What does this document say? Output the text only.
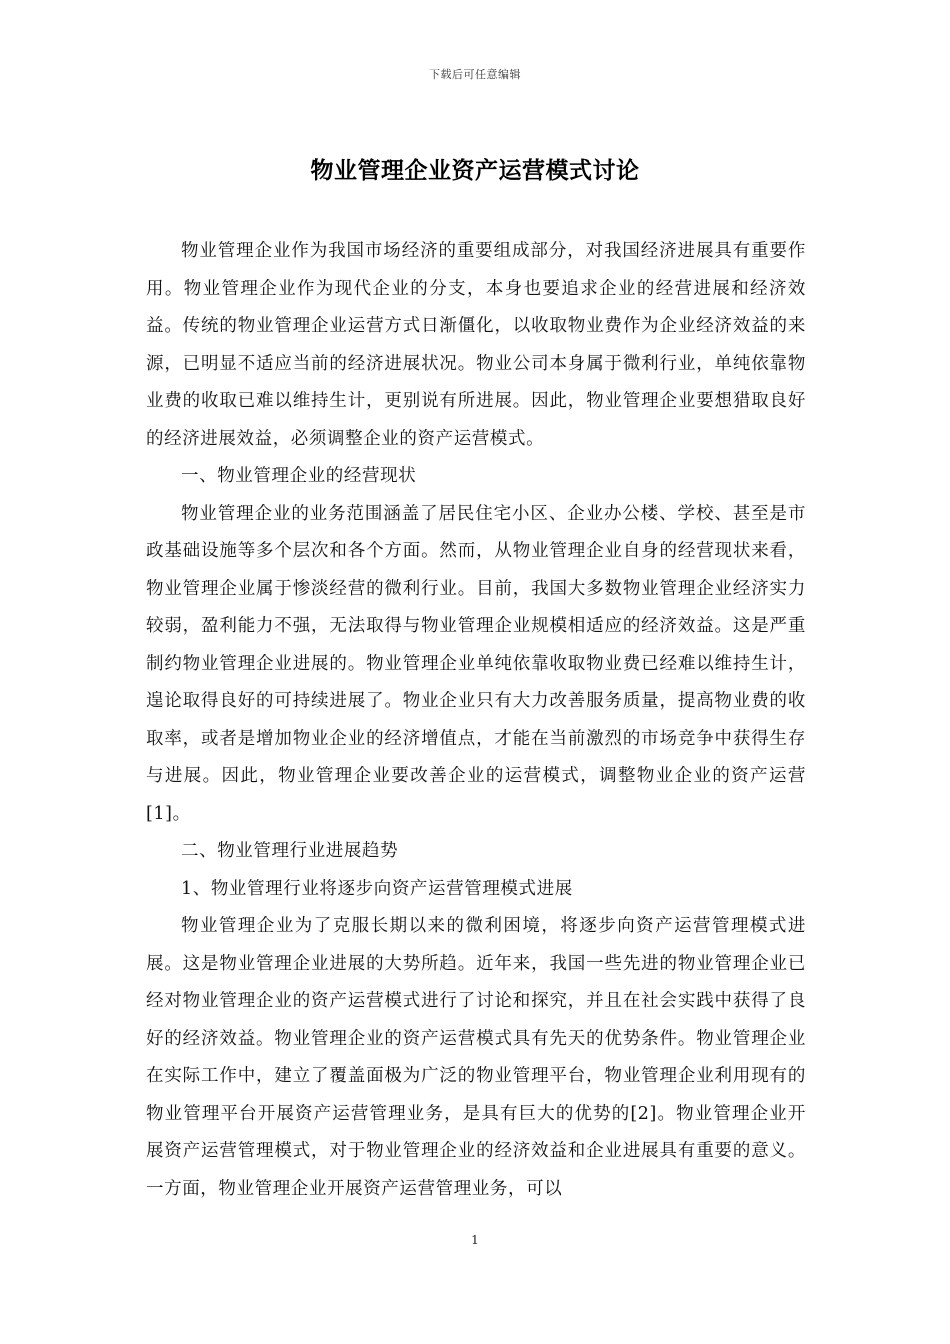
下载后可任意编辑
物业管理企业资产运营模式讨论

物业管理企业作为我国市场经济的重要组成部分，对我国经济进展具有重要作用。物业管理企业作为现代企业的分支，本身也要追求企业的经营进展和经济效益。传统的物业管理企业运营方式日渐僵化，以收取物业费作为企业经济效益的来源，已明显不适应当前的经济进展状况。物业公司本身属于微利行业，单纯依靠物业费的收取已难以维持生计，更别说有所进展。因此，物业管理企业要想猎取良好的经济进展效益，必须调整企业的资产运营模式。

一、物业管理企业的经营现状

物业管理企业的业务范围涵盖了居民住宅小区、企业办公楼、学校、甚至是市政基础设施等多个层次和各个方面。然而，从物业管理企业自身的经营现状来看，物业管理企业属于惨淡经营的微利行业。目前，我国大多数物业管理企业经济实力较弱，盈利能力不强，无法取得与物业管理企业规模相适应的经济效益。这是严重制约物业管理企业进展的。物业管理企业单纯依靠收取物业费已经难以维持生计，遑论取得良好的可持续进展了。物业企业只有大力改善服务质量，提高物业费的收取率，或者是增加物业企业的经济增值点，才能在当前激烈的市场竞争中获得生存与进展。因此，物业管理企业要改善企业的运营模式，调整物业企业的资产运营[1]。

二、物业管理行业进展趋势

1、物业管理行业将逐步向资产运营管理模式进展

物业管理企业为了克服长期以来的微利困境，将逐步向资产运营管理模式进展。这是物业管理企业进展的大势所趋。近年来，我国一些先进的物业管理企业已经对物业管理企业的资产运营模式进行了讨论和探究，并且在社会实践中获得了良好的经济效益。物业管理企业的资产运营模式具有先天的优势条件。物业管理企业在实际工作中，建立了覆盖面极为广泛的物业管理平台，物业管理企业利用现有的物业管理平台开展资产运营管理业务，是具有巨大的优势的[2]。物业管理企业开展资产运营管理模式，对于物业管理企业的经济效益和企业进展具有重要的意义。一方面，物业管理企业开展资产运营管理业务，可以

1
